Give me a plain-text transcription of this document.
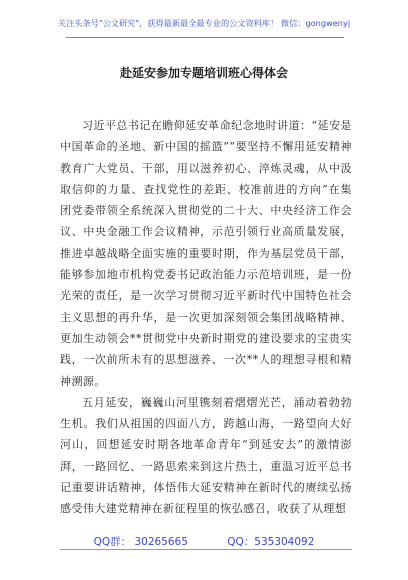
关注头条号"公文研究"，获得最新最全最专业的公文资料库！ 微信：gongwenyj
赴延安参加专题培训班心得体会

习近平总书记在瞻仰延安革命纪念地时讲道：“延安是中国革命的圣地、新中国的摇篮”“要坚持不懈用延安精神教育广大党员、干部，用以滋养初心、淬炼灵魂，从中汲取信仰的力量、查找党性的差距、校准前进的方向”在集团党委带领全系统深入贯彻党的二十大、中央经济工作会议、中央金融工作会议精神，示范引领行业高质量发展，推进卓越战略全面实施的重要时期，作为基层党员干部，能够参加地市机构党委书记政治能力示范培训班，是一份光荣的责任，是一次学习贯彻习近平新时代中国特色社会主义思想的再升华，是一次更加深刻领会集团战略精神、更加生动领会**贯彻党中央新时期党的建设要求的宝贵实践，一次前所未有的思想滋养、一次**人的理想寻根和精神溯源。

五月延安，巍巍山河里镌刻着熠熠光芒，涌动着勃勃生机。我们从祖国的四面八方，跨越山海，一路望向大好河山，回想延安时期各地革命青年“到延安去”的激情澎湃，一路回忆、一路思索来到这片热土，重温习近平总书记重要讲话精神，体悟伟大延安精神在新时代的赓续弘扬感受伟大建党精神在新征程里的恢弘感召，收获了从理想

QQ群： 30265665	QQ：535304092
